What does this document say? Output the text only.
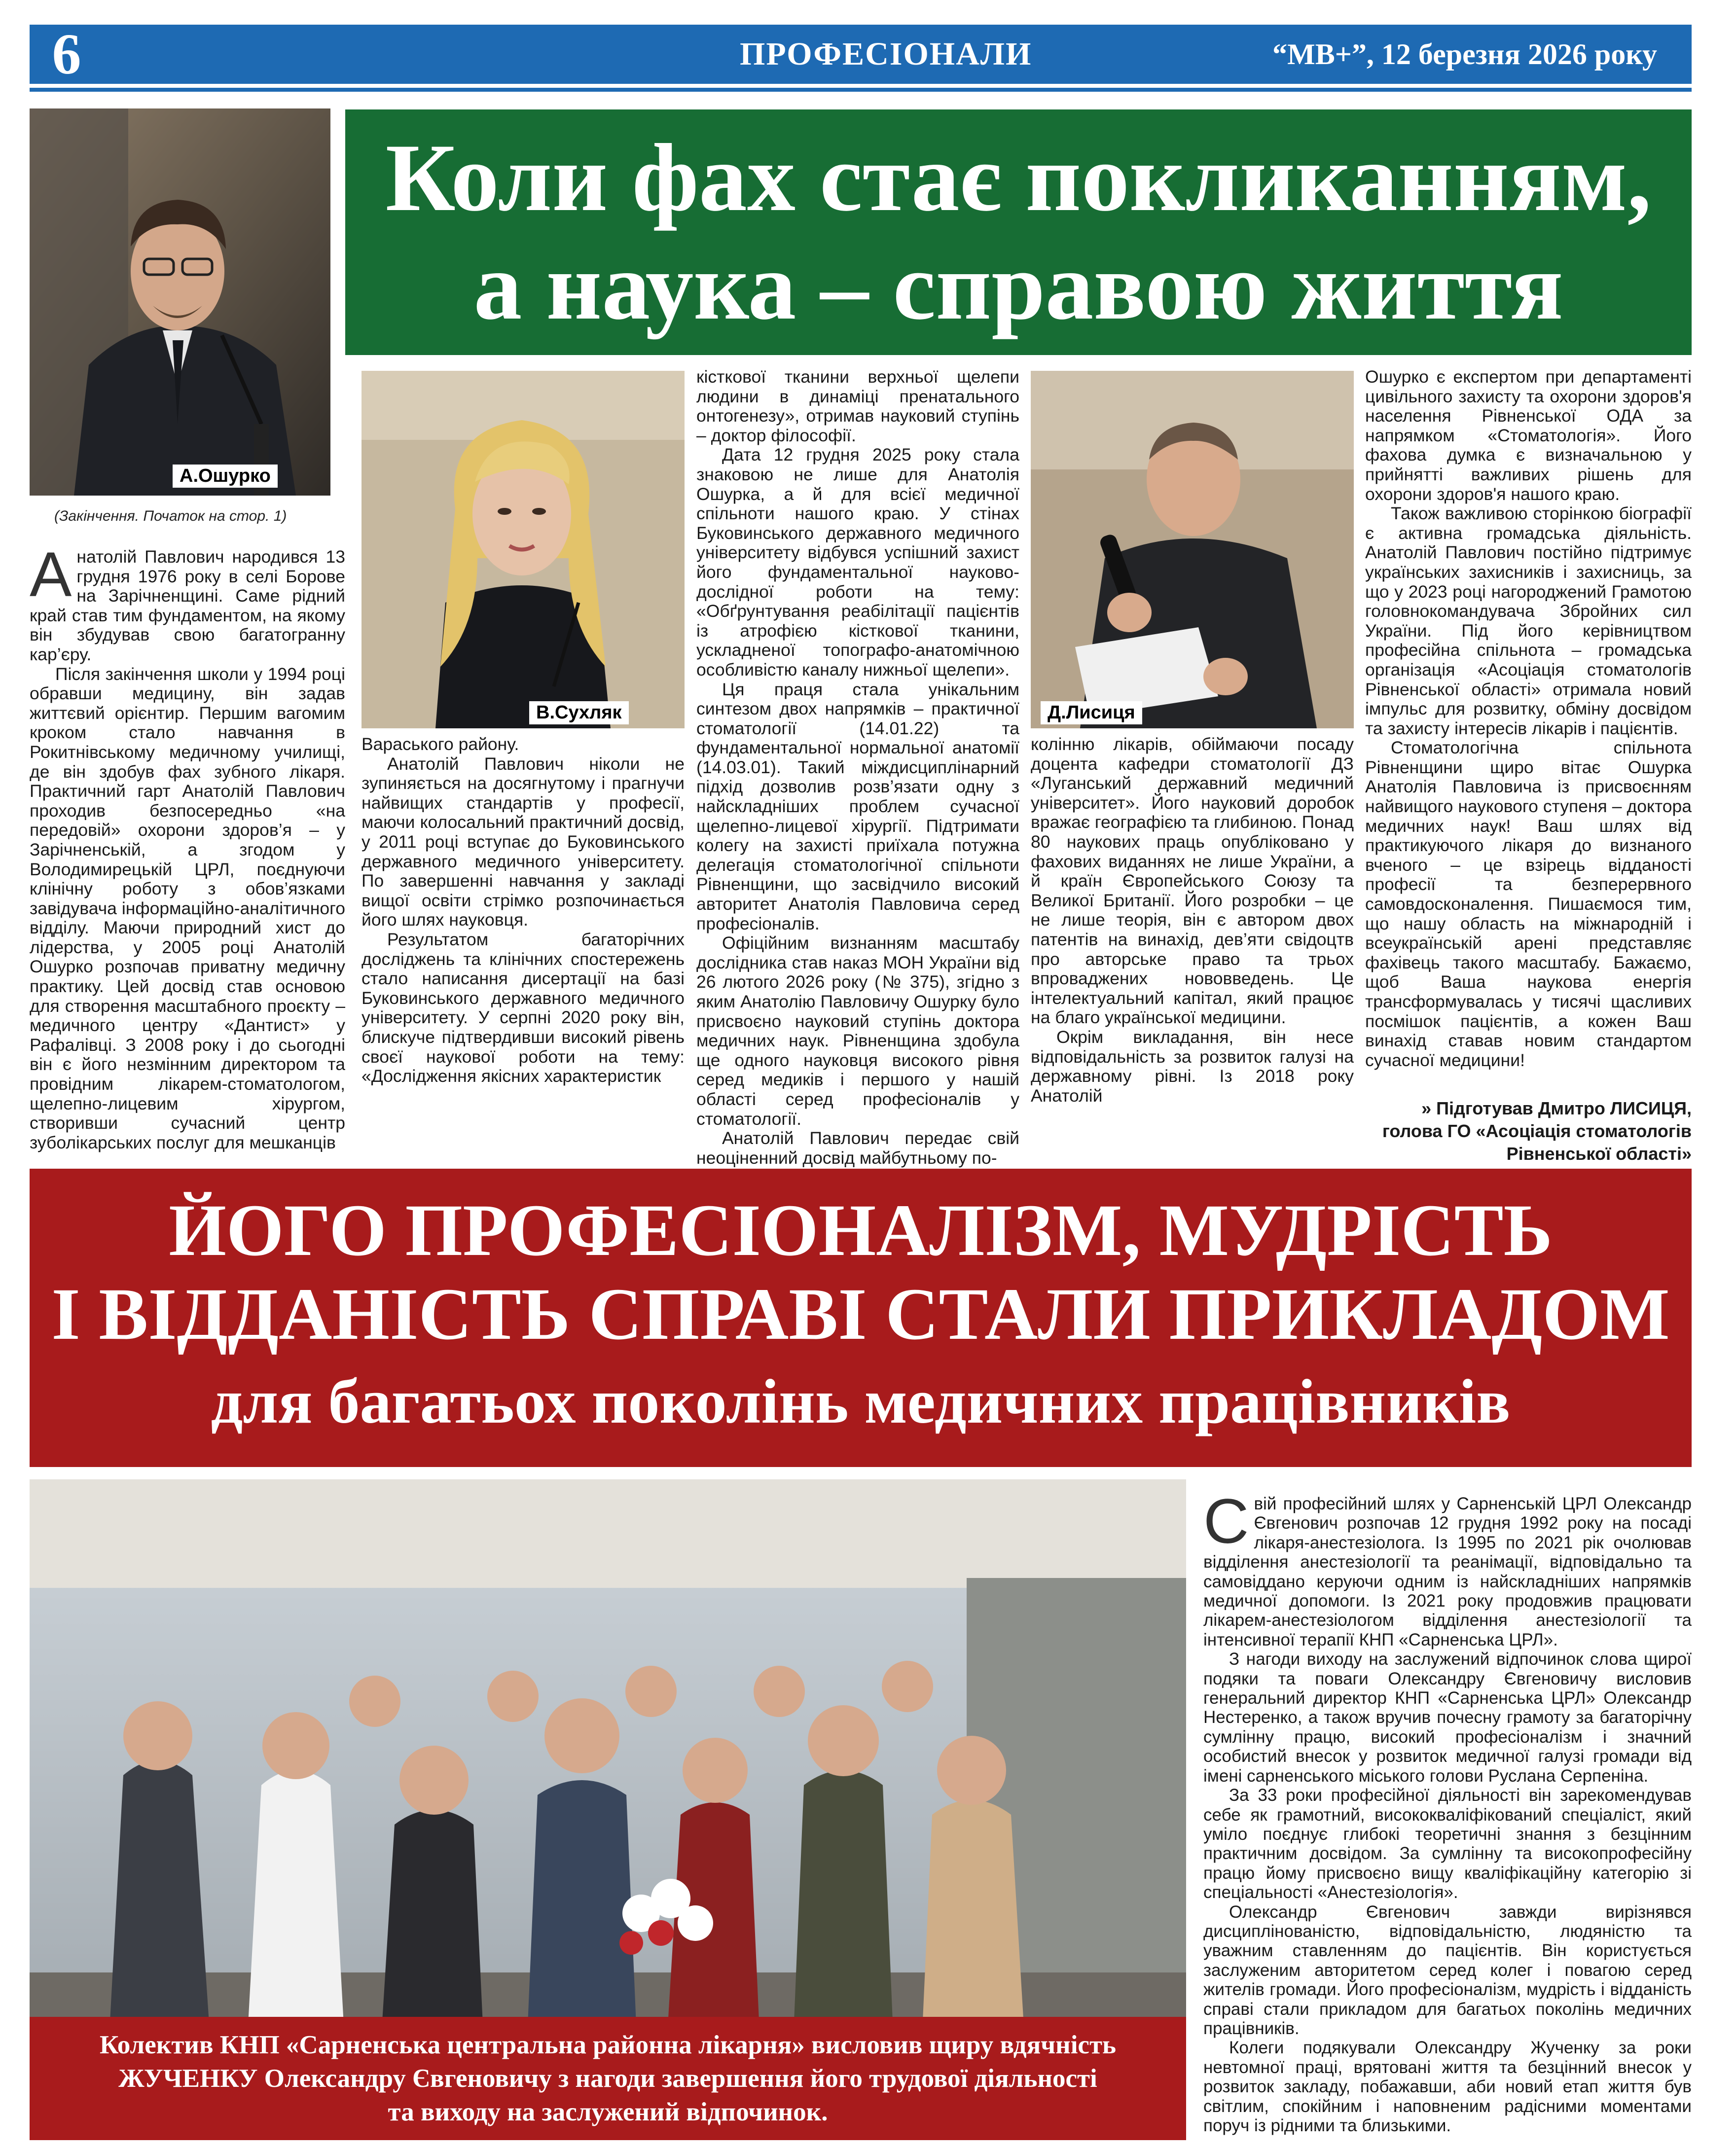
6	ПРОФЕСІОНАЛИ	“МВ+”, 12 березня 2026 року
А.Ошурко
Коли фах стає покликанням,
а наука – справою життя
(Закінчення. Початок на стор. 1)
А натолій Павлович народився 13 грудня 1976 року в селі Борове на Зарічненщині. Саме рідний край став тим фундаментом, на якому він збудував свою багатогранну кар’єру.

Після закінчення школи у 1994 році обравши медицину, він задав життєвий орієнтир. Першим вагомим кроком стало навчання в Рокитнівському медичному училищі, де він здобув фах зубного лікаря. Практичний гарт Анатолій Павлович проходив безпосередньо «на передовій» охорони здоров’я – у Зарічненській, а згодом у Володимирецькій ЦРЛ, поєднуючи клінічну роботу з обов’язками завідувача інформаційно-аналітичного відділу. Маючи природний хист до лідерства, у 2005 році Анатолій Ошурко розпочав приватну медичну практику. Цей досвід став основою для створення масштабного проєкту – медичного центру «Дантист» у Рафалівці. З 2008 року і до сьогодні він є його незмінним директором та провідним лікарем-стоматологом, щелепно-лицевим хірургом, створивши сучасний центр зуболікарських послуг для мешканців

В.Сухляк

Вараського району.

Анатолій Павлович ніколи не зупиняється на досягнутому і прагнучи найвищих стандартів у професії, маючи колосальний практичний досвід, у 2011 році вступає до Буковинського державного медичного університету. По завершенні навчання у закладі вищої освіти стрімко розпочинається його шлях науковця.

Результатом багаторічних досліджень та клінічних спостережень стало написання дисертації на базі Буковинського державного медичного університету. У серпні 2020 року він, блискуче підтвердивши високий рівень своєї наукової роботи на тему: «Дослідження якісних характеристик

кісткової тканини верхньої щелепи людини в динаміці пренатального онтогенезу», отримав науковий ступінь – доктор філософії.

Дата 12 грудня 2025 року стала знаковою не лише для Анатолія Ошурка, а й для всієї медичної спільноти нашого краю. У стінах Буковинського державного медичного університету відбувся успішний захист його фундаментальної науково-дослідної роботи на тему: «Обґрунтування реабілітації пацієнтів із атрофією кісткової тканини, ускладненої топографо-анатомічною особливістю каналу нижньої щелепи».

Ця праця стала унікальним синтезом двох напрямків – практичної стоматології (14.01.22) та фундаментальної нормальної анатомії (14.03.01). Такий міждисциплінарний підхід дозволив розв’язати одну з найскладніших проблем сучасної щелепно-лицевої хірургії. Підтримати колегу на захисті приїхала потужна делегація стоматологічної спільноти Рівненщини, що засвідчило високий авторитет Анатолія Павловича серед професіоналів.

Офіційним визнанням масштабу дослідника став наказ МОН України від 26 лютого 2026 року (№ 375), згідно з яким Анатолію Павловичу Ошурку було присвоєно науковий ступінь доктора медичних наук. Рівненщина здобула ще одного науковця високого рівня серед медиків і першого у нашій області серед професіоналів у стоматології.

Анатолій Павлович передає свій неоціненний досвід майбутньому по-

Д.Лисиця

колінню лікарів, обіймаючи посаду доцента кафедри стоматології ДЗ «Луганський державний медичний університет». Його науковий доробок вражає географією та глибиною. Понад 80 наукових праць опубліковано у фахових виданнях не лише України, а й країн Європейського Союзу та Великої Британії. Його розробки – це не лише теорія, він є автором двох патентів на винахід, дев’яти свідоцтв про авторське право та трьох впроваджених нововведень. Це інтелектуальний капітал, який працює на благо української медицини.

Окрім викладання, він несе відповідальність за розвиток галузі на державному рівні. Із 2018 року Анатолій

Ошурко є експертом при департаменті цивільного захисту та охорони здоров'я населення Рівненської ОДА за напрямком «Стоматологія». Його фахова думка є визначальною у прийнятті важливих рішень для охорони здоров'я нашого краю.

Також важливою сторінкою біографії є активна громадська діяльність. Анатолій Павлович постійно підтримує українських захисників і захисниць, за що у 2023 році нагороджений Грамотою головнокомандувача Збройних сил України. Під його керівництвом професійна спільнота – громадська організація «Асоціація стоматологів Рівненської області» отримала новий імпульс для розвитку, обміну досвідом та захисту інтересів лікарів і пацієнтів.

Стоматологічна спільнота Рівненщини щиро вітає Ошурка Анатолія Павловича із присвоєнням найвищого наукового ступеня – доктора медичних наук! Ваш шлях від практикуючого лікаря до визнаного вченого – це взірець відданості професії та безперервного самовдосконалення. Пишаємося тим, що нашу область на міжнародній і всеукраїнській арені представляє фахівець такого масштабу. Бажаємо, щоб Ваша наукова енергія трансформувалась у тисячі щасливих посмішок пацієнтів, а кожен Ваш винахід ставав новим стандартом сучасної медицини!

» Підготував Дмитро ЛИСИЦЯ,
голова ГО «Асоціація стоматологів
Рівненської області»
ЙОГО ПРОФЕСІОНАЛІЗМ, МУДРІСТЬ
І ВІДДАНІСТЬ СПРАВІ СТАЛИ ПРИКЛАДОМ
для багатьох поколінь медичних працівників
Колектив КНП «Сарненська центральна районна лікарня» висловив щиру вдячність
ЖУЧЕНКУ Олександру Євгеновичу з нагоди завершення його трудової діяльності
та виходу на заслужений відпочинок.
С вій професійний шлях у Сарненській ЦРЛ Олександр Євгенович розпочав 12 грудня 1992 року на посаді лікаря-анестезіолога. Із 1995 по 2021 рік очолював відділення анестезіології та реанімації, відповідально та самовіддано керуючи одним із найскладніших напрямків медичної допомоги. Із 2021 року продовжив працювати лікарем-анестезіологом відділення анестезіології та інтенсивної терапії КНП «Сарненська ЦРЛ».

З нагоди виходу на заслужений відпочинок слова щирої подяки та поваги Олександру Євгеновичу висловив генеральний директор КНП «Сарненська ЦРЛ» Олександр Нестеренко, а також вручив почесну грамоту за багаторічну сумлінну працю, високий професіоналізм і значний особистий внесок у розвиток медичної галузі громади від імені сарненського міського голови Руслана Серпеніна.

За 33 роки професійної діяльності він зарекомендував себе як грамотний, висококваліфікований спеціаліст, який уміло поєднує глибокі теоретичні знання з безцінним практичним досвідом. За сумлінну та високопрофесійну працю йому присвоєно вищу кваліфікаційну категорію зі спеціальності «Анестезіологія».

Олександр Євгенович завжди вирізнявся дисциплінованістю, відповідальністю, людяністю та уважним ставленням до пацієнтів. Він користується заслуженим авторитетом серед колег і повагою серед жителів громади. Його професіоналізм, мудрість і відданість справі стали прикладом для багатьох поколінь медичних працівників.

Колеги подякували Олександру Жученку за роки невтомної праці, врятовані життя та безцінний внесок у розвиток закладу, побажавши, аби новий етап життя був світлим, спокійним і наповненим радісними моментами поруч із рідними та близькими.
